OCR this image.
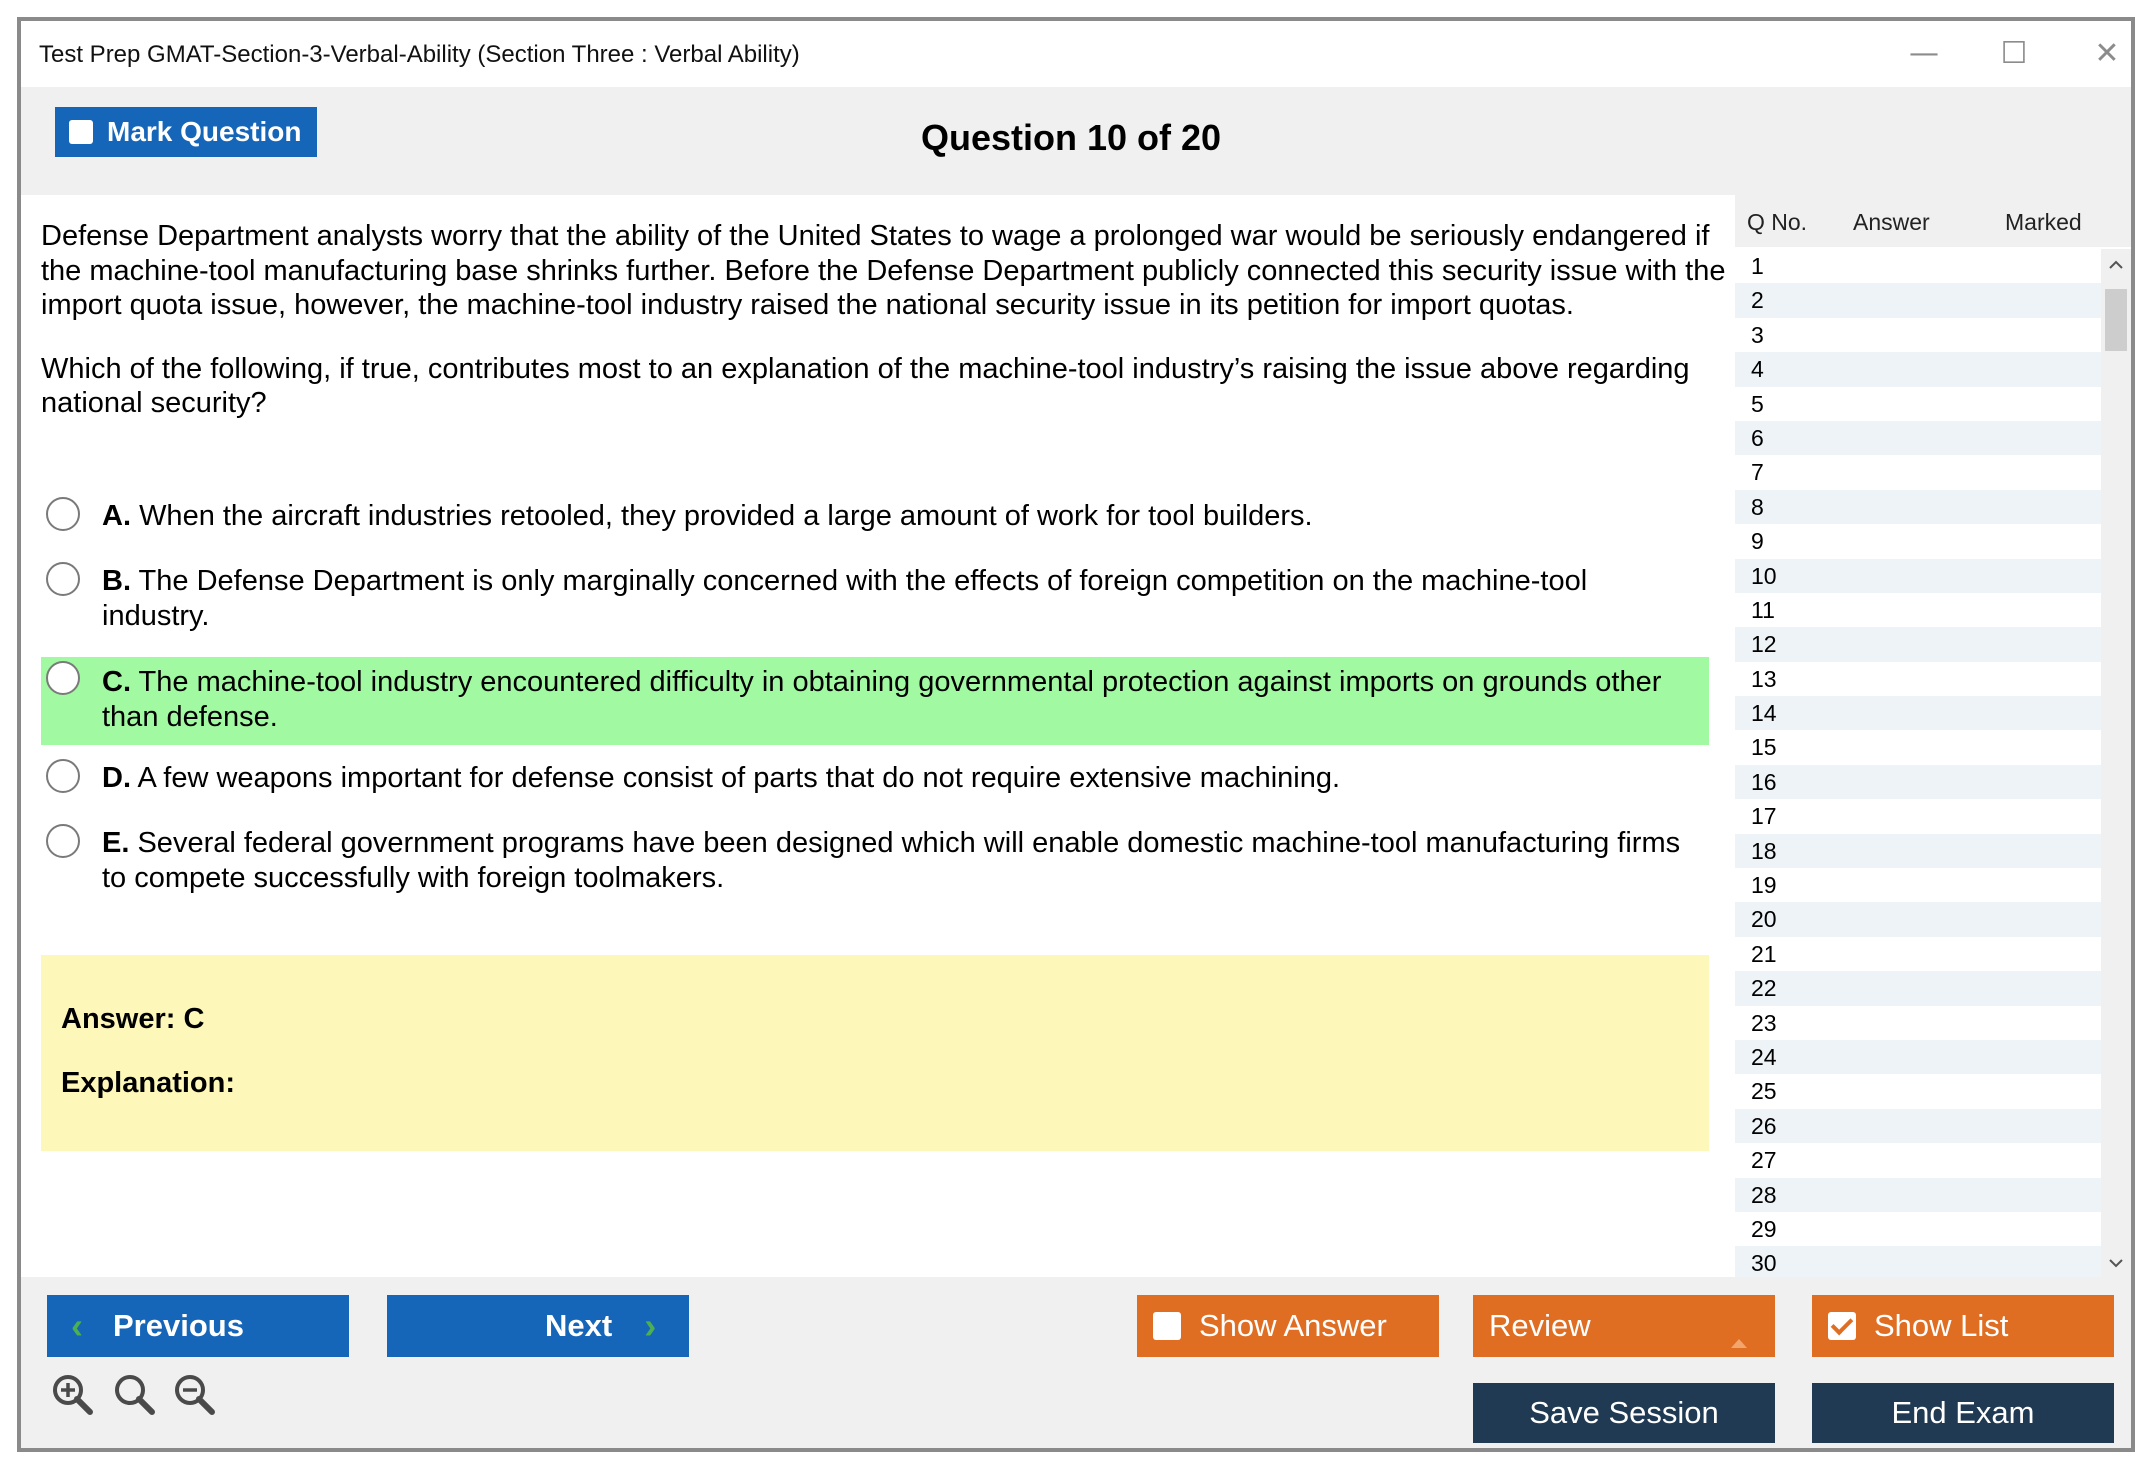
Test Prep GMAT-Section-3-Verbal-Ability (Section Three : Verbal Ability)	—	☐	✕
Mark Question	Question 10 of 20

Defense Department analysts worry that the ability of the United States to wage a prolonged war would be seriously endangered if the machine-tool manufacturing base shrinks further. Before the Defense Department publicly connected this security issue with the import quota issue, however, the machine-tool industry raised the national security issue in its petition for import quotas.

Which of the following, if true, contributes most to an explanation of the machine-tool industry’s raising the issue above regarding national security?

A. When the aircraft industries retooled, they provided a large amount of work for tool builders.
B. The Defense Department is only marginally concerned with the effects of foreign competition on the machine-tool industry.
C. The machine-tool industry encountered difficulty in obtaining governmental protection against imports on grounds other than defense.
D. A few weapons important for defense consist of parts that do not require extensive machining.
E. Several federal government programs have been designed which will enable domestic machine-tool manufacturing firms to compete successfully with foreign toolmakers.
Answer: C
Explanation:
Q No. Answer	Marked
1
2
3
4
5
6
7
8
9
10
11
12
13
14
15
16
17
18
19
20
21
22
23
24
25
26
27
28
29
30
‹ Previous	Next ›	Show Answer	Review	Show List
Save Session	End Exam
